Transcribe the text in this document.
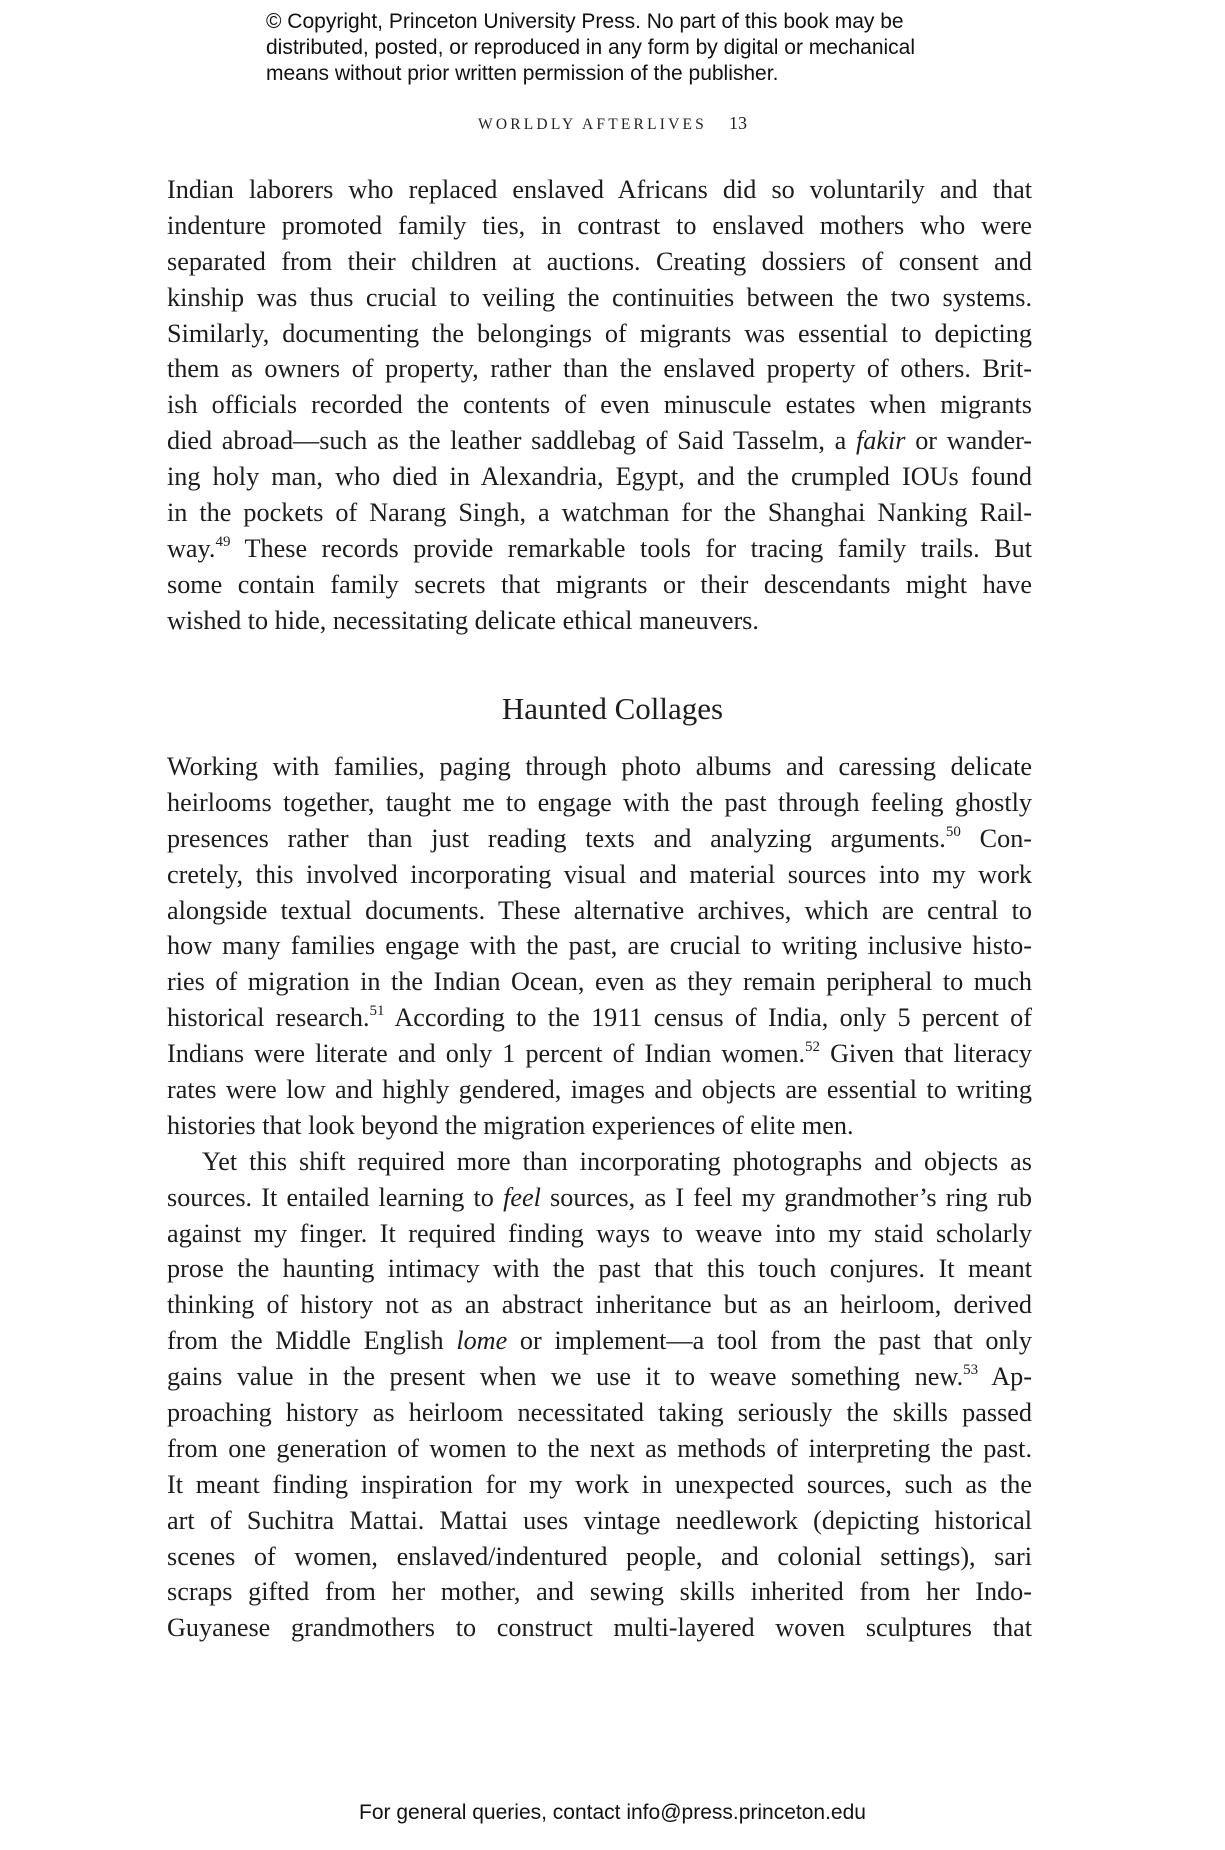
© Copyright, Princeton University Press. No part of this book may be
distributed, posted, or reproduced in any form by digital or mechanical
means without prior written permission of the publisher.
WORLDLY AFTERLIVES 13
Indian laborers who replaced enslaved Africans did so voluntarily and that
indenture promoted family ties, in contrast to enslaved mothers who were
separated from their children at auctions. Creating dossiers of consent and
kinship was thus crucial to veiling the continuities between the two systems.
Similarly, documenting the belongings of migrants was essential to depicting
them as owners of property, rather than the enslaved property of others. Brit-
ish officials recorded the contents of even minuscule estates when migrants
died abroad—such as the leather saddlebag of Said Tasselm, a fakir or wander-
ing holy man, who died in Alexandria, Egypt, and the crumpled IOUs found
in the pockets of Narang Singh, a watchman for the Shanghai Nanking Rail-
way.$^{49}$ These records provide remarkable tools for tracing family trails. But
some contain family secrets that migrants or their descendants might have
wished to hide, necessitating delicate ethical maneuvers.
Haunted Collages
Working with families, paging through photo albums and caressing delicate
heirlooms together, taught me to engage with the past through feeling ghostly
presences rather than just reading texts and analyzing arguments.$^{50}$ Con-
cretely, this involved incorporating visual and material sources into my work
alongside textual documents. These alternative archives, which are central to
how many families engage with the past, are crucial to writing inclusive histo-
ries of migration in the Indian Ocean, even as they remain peripheral to much
historical research.$^{51}$ According to the 1911 census of India, only 5 percent of
Indians were literate and only 1 percent of Indian women.$^{52}$ Given that literacy
rates were low and highly gendered, images and objects are essential to writing
histories that look beyond the migration experiences of elite men.
Yet this shift required more than incorporating photographs and objects as
sources. It entailed learning to feel sources, as I feel my grandmother’s ring rub
against my finger. It required finding ways to weave into my staid scholarly
prose the haunting intimacy with the past that this touch conjures. It meant
thinking of history not as an abstract inheritance but as an heirloom, derived
from the Middle English lome or implement—a tool from the past that only
gains value in the present when we use it to weave something new.$^{53}$ Ap-
proaching history as heirloom necessitated taking seriously the skills passed
from one generation of women to the next as methods of interpreting the past.
It meant finding inspiration for my work in unexpected sources, such as the
art of Suchitra Mattai. Mattai uses vintage needlework (depicting historical
scenes of women, enslaved/indentured people, and colonial settings), sari
scraps gifted from her mother, and sewing skills inherited from her Indo-
Guyanese grandmothers to construct multi-layered woven sculptures that
For general queries, contact info@press.princeton.edu
